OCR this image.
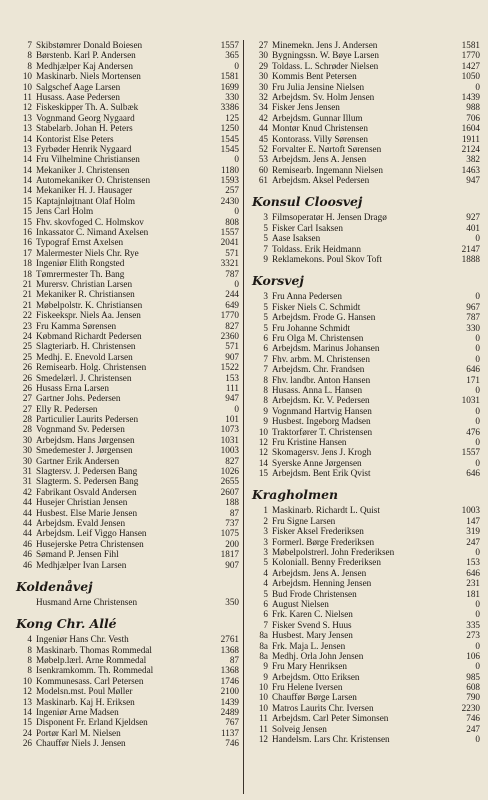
7 Skibstømrer Donald Boiesen	1557
8 Børstenb. Karl P. Andersen	365
8 Medhjælper Kaj Andersen	0
10 Maskinarb. Niels Mortensen	1581
10 Salgschef Aage Larsen	1699
11 Husass. Aase Pedersen	330
12 Fiskeskipper Th. A. Sulbæk	3386
13 Vognmand Georg Nygaard	125
13 Stabelarb. Johan H. Peters	1250
14 Kontorist Else Peters	1545
13 Fyrbøder Henrik Nygaard	1545
14 Fru Vilhelmine Christiansen	0
14 Mekaniker J. Christensen	1180
14 Automekaniker O. Christensen	1593
14 Mekaniker H. J. Hausager	257
15 Kaptajnløjtnant Olaf Holm	2430
15 Jens Carl Holm	0
15 Fhv. skovfoged C. Holmskov	808
16 Inkassator C. Nimand Axelsen	1557
16 Typograf Ernst Axelsen	2041
17 Malermester Niels Chr. Rye	571
18 Ingeniør Elith Rongsted	3321
18 Tømrermester Th. Bang	787
21 Murersv. Christian Larsen	0
21 Mekaniker R. Christiansen	244
21 Møbelpolstr. K. Christiansen	649
22 Fiskeekspr. Niels Aa. Jensen	1770
23 Fru Kamma Sørensen	827
24 Købmand Richardt Pedersen	2360
25 Slagteriarb. H. Christensen	571
25 Medhj. E. Enevold Larsen	907
26 Remisearb. Holg. Christensen	1522
26 Smedelærl. J. Christensen	153
26 Husass Erna Larsen	111
27 Gartner Johs. Pedersen	947
27 Elly R. Pedersen	0
28 Particulier Laurits Pedersen	101
28 Vognmand Sv. Pedersen	1073
30 Arbejdsm. Hans Jørgensen	1031
30 Smedemester J. Jørgensen	1003
30 Gartner Erik Andersen	827
31 Slagtersv. J. Pedersen Bang	1026
31 Slagterm. S. Pedersen Bang	2655
42 Fabrikant Osvald Andersen	2607
44 Husejer Christian Jensen	188
44 Husbest. Else Marie Jensen	87
44 Arbejdsm. Evald Jensen	737
44 Arbejdsm. Leif Viggo Hansen	1075
46 Husejerske Petra Christensen	200
46 Sømand P. Jensen Fihl	1817
46 Medhjælper Ivan Larsen	907
Koldenåvej
Husmand Arne Christensen	350
Kong Chr. Allé
4 Ingeniør Hans Chr. Vesth	2761
8 Maskinarb. Thomas Rommedal	1368
8 Møbelp.lærl. Arne Rommedal	87
8 Isenkramkomm. Th. Rommedal	1368
10 Kommunesass. Carl Petersen	1746
12 Modelsn.mst. Poul Møller	2100
13 Maskinarb. Kaj H. Eriksen	1439
14 Ingeniør Arne Madsen	2489
15 Disponent Fr. Erland Kjeldsen	767
24 Portør Karl M. Nielsen	1137
26 Chauffør Niels J. Jensen	746
27 Minemekn. Jens J. Andersen	1581
30 Bygningssn. W. Bøye Larsen	1770
29 Toldass. L. Schrøder Nielsen	1427
30 Kommis Bent Petersen	1050
30 Fru Julia Jensine Nielsen	0
32 Arbejdsm. Sv. Holm Jensen	1439
34 Fisker Jens Jensen	988
42 Arbejdsm. Gunnar Illum	706
44 Montør Knud Christensen	1604
45 Kontorass. Villy Sørensen	1911
52 Forvalter E. Nørtoft Sørensen	2124
53 Arbejdsm. Jens A. Jensen	382
60 Remisearb. Ingemann Nielsen	1463
61 Arbejdsm. Aksel Pedersen	947
Konsul Cloosvej
3 Filmsoperatør H. Jensen Dragø	927
5 Fisker Carl Isaksen	401
5 Aase Isaksen	0
7 Toldass. Erik Heidmann	2147
9 Reklamekons. Poul Skov Toft	1888
Korsvej
3 Fru Anna Pedersen	0
5 Fisker Niels C. Schmidt	967
5 Arbejdsm. Frode G. Hansen	787
5 Fru Johanne Schmidt	330
6 Fru Olga M. Christensen	0
6 Arbejdsm. Marinus Johansen	0
7 Fhv. arbm. M. Christensen	0
7 Arbejdsm. Chr. Frandsen	646
8 Fhv. landbr. Anton Hansen	171
8 Husass. Anna L. Hansen	0
8 Arbejdsm. Kr. V. Pedersen	1031
9 Vognmand Hartvig Hansen	0
9 Husbest. Ingeborg Madsen	0
10 Traktorfører T. Christensen	476
12 Fru Kristine Hansen	0
12 Skomagersv. Jens J. Krogh	1557
14 Syerske Anne Jørgensen	0
15 Arbejdsm. Bent Erik Qvist	646
Kragholmen
1 Maskinarb. Richardt L. Quist	1003
2 Fru Signe Larsen	147
3 Fisker Aksel Frederiksen	319
3 Formerl. Børge Frederiksen	247
3 Møbelpolstrerl. John Frederiksen	0
5 Koloniall. Benny Frederiksen	153
4 Arbejdsm. Jens A. Jensen	646
4 Arbejdsm. Henning Jensen	231
5 Bud Frode Christensen	181
6 August Nielsen	0
6 Frk. Karen C. Nielsen	0
7 Fisker Svend S. Huus	335
8a Husbest. Mary Jensen	273
8a Frk. Maja L. Jensen	0
8a Medhj. Orla John Jensen	106
9 Fru Mary Henriksen	0
9 Arbejdsm. Otto Eriksen	985
10 Fru Helene Iversen	608
10 Chauffør Børge Larsen	790
10 Matros Laurits Chr. Iversen	2230
11 Arbejdsm. Carl Peter Simonsen	746
11 Solveig Jensen	247
12 Handelsm. Lars Chr. Kristensen	0
